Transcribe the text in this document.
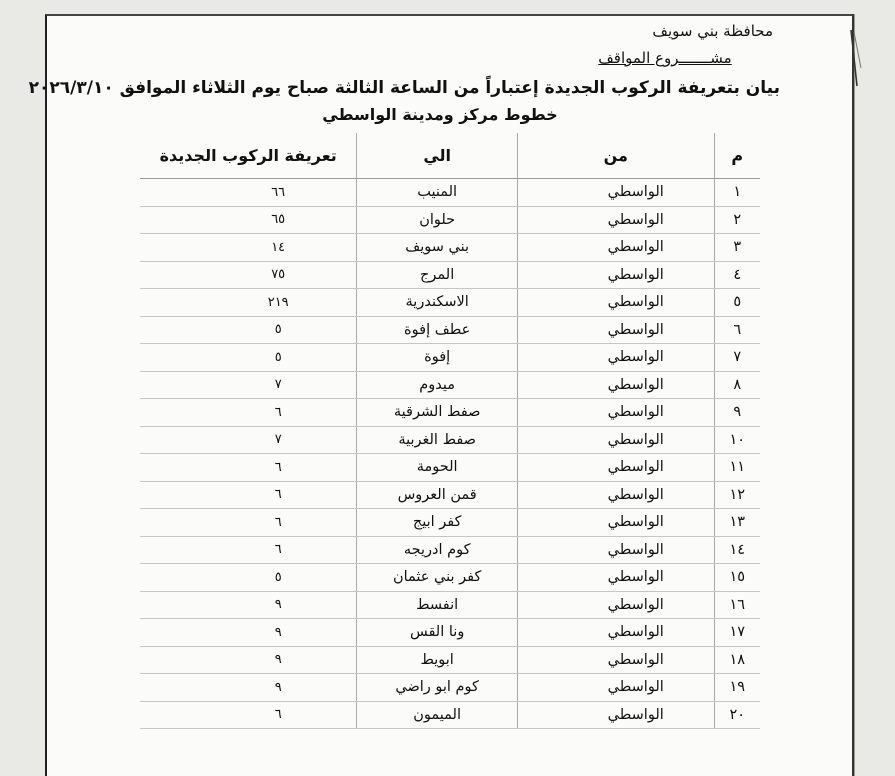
محافظة بني سويف
مشـــــــروع المواقف
بيان بتعريفة الركوب الجديدة إعتباراً من الساعة الثالثة صباح يوم الثلاثاء الموافق ٢٠٢٦/٣/١٠
خطوط مركز ومدينة الواسطي
م	من	الي	تعريفة الركوب الجديدة
١	الواسطي	المنيب	٦٦
٢	الواسطي	حلوان	٦٥
٣	الواسطي	بني سويف	١٤
٤	الواسطي	المرج	٧٥
٥	الواسطي	الاسكندرية	٢١٩
٦	الواسطي	عطف إفوة	٥
٧	الواسطي	إفوة	٥
٨	الواسطي	ميدوم	٧
٩	الواسطي	صفط الشرقية	٦
١٠	الواسطي	صفط الغربية	٧
١١	الواسطي	الحومة	٦
١٢	الواسطي	قمن العروس	٦
١٣	الواسطي	كفر ابيج	٦
١٤	الواسطي	كوم ادريجه	٦
١٥	الواسطي	كفر بني عثمان	٥
١٦	الواسطي	انفسط	٩
١٧	الواسطي	ونا القس	٩
١٨	الواسطي	ابويط	٩
١٩	الواسطي	كوم ابو راضي	٩
٢٠	الواسطي	الميمون	٦
